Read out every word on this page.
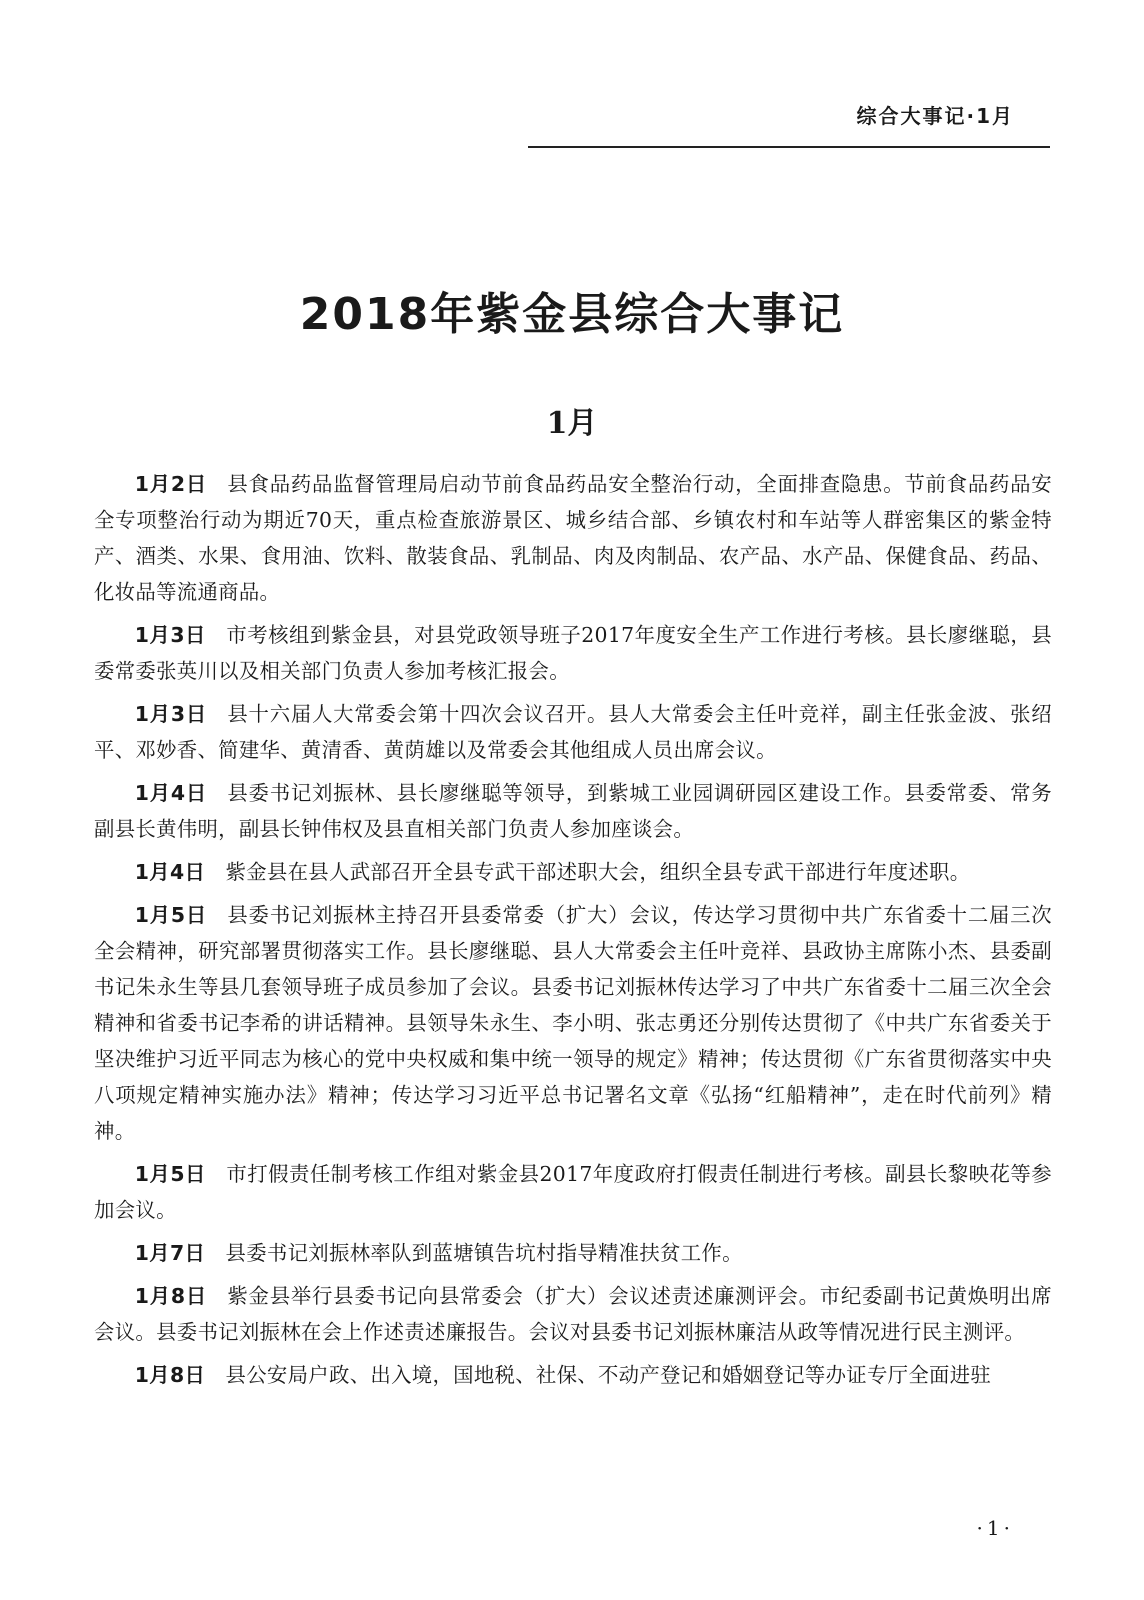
综合大事记·1月
2018年紫金县综合大事记
1月

1月2日 县食品药品监督管理局启动节前食品药品安全整治行动，全面排查隐患。节前食品药品安全专项整治行动为期近70天，重点检查旅游景区、城乡结合部、乡镇农村和车站等人群密集区的紫金特产、酒类、水果、食用油、饮料、散装食品、乳制品、肉及肉制品、农产品、水产品、保健食品、药品、化妆品等流通商品。

1月3日 市考核组到紫金县，对县党政领导班子2017年度安全生产工作进行考核。县长廖继聪，县委常委张英川以及相关部门负责人参加考核汇报会。

1月3日 县十六届人大常委会第十四次会议召开。县人大常委会主任叶竞祥，副主任张金波、张绍平、邓妙香、简建华、黄清香、黄荫雄以及常委会其他组成人员出席会议。

1月4日 县委书记刘振林、县长廖继聪等领导，到紫城工业园调研园区建设工作。县委常委、常务副县长黄伟明，副县长钟伟权及县直相关部门负责人参加座谈会。

1月4日 紫金县在县人武部召开全县专武干部述职大会，组织全县专武干部进行年度述职。

1月5日 县委书记刘振林主持召开县委常委（扩大）会议，传达学习贯彻中共广东省委十二届三次全会精神，研究部署贯彻落实工作。县长廖继聪、县人大常委会主任叶竞祥、县政协主席陈小杰、县委副书记朱永生等县几套领导班子成员参加了会议。县委书记刘振林传达学习了中共广东省委十二届三次全会精神和省委书记李希的讲话精神。县领导朱永生、李小明、张志勇还分别传达贯彻了《中共广东省委关于坚决维护习近平同志为核心的党中央权威和集中统一领导的规定》精神；传达贯彻《广东省贯彻落实中央八项规定精神实施办法》精神；传达学习习近平总书记署名文章《弘扬“红船精神”，走在时代前列》精神。

1月5日 市打假责任制考核工作组对紫金县2017年度政府打假责任制进行考核。副县长黎映花等参加会议。

1月7日 县委书记刘振林率队到蓝塘镇告坑村指导精准扶贫工作。

1月8日 紫金县举行县委书记向县常委会（扩大）会议述责述廉测评会。市纪委副书记黄焕明出席会议。县委书记刘振林在会上作述责述廉报告。会议对县委书记刘振林廉洁从政等情况进行民主测评。

1月8日 县公安局户政、出入境，国地税、社保、不动产登记和婚姻登记等办证专厅全面进驻

·1·
